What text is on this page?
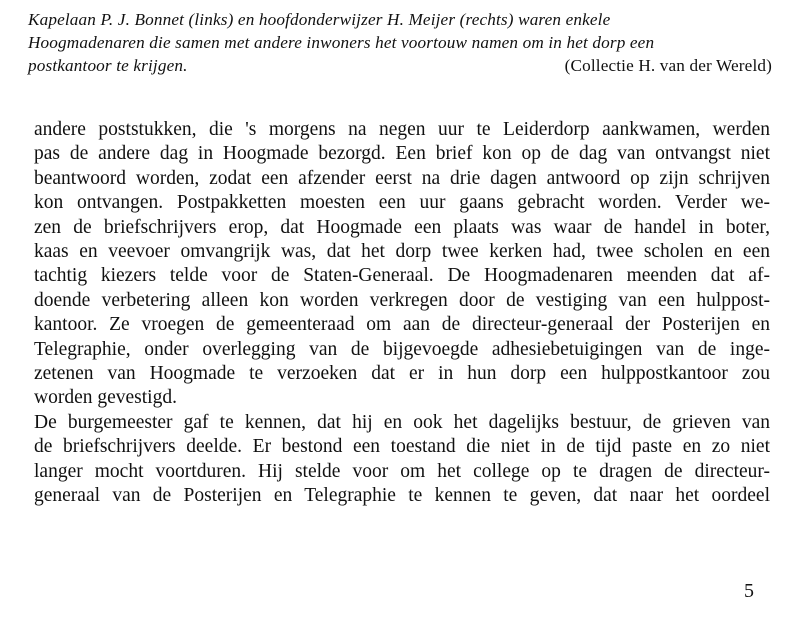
Kapelaan P. J. Bonnet (links) en hoofdonderwijzer H. Meijer (rechts) waren enkele
Hoogmadenaren die samen met andere inwoners het voortouw namen om in het dorp een
postkantoor te krijgen.	(Collectie H. van der Wereld)
andere poststukken, die 's morgens na negen uur te Leiderdorp aankwamen, werden
pas de andere dag in Hoogmade bezorgd. Een brief kon op de dag van ontvangst niet
beantwoord worden, zodat een afzender eerst na drie dagen antwoord op zijn schrijven
kon ontvangen. Postpakketten moesten een uur gaans gebracht worden. Verder we-
zen de briefschrijvers erop, dat Hoogmade een plaats was waar de handel in boter,
kaas en veevoer omvangrijk was, dat het dorp twee kerken had, twee scholen en een
tachtig kiezers telde voor de Staten-Generaal. De Hoogmadenaren meenden dat af-
doende verbetering alleen kon worden verkregen door de vestiging van een hulppost-
kantoor. Ze vroegen de gemeenteraad om aan de directeur-generaal der Posterijen en
Telegraphie, onder overlegging van de bijgevoegde adhesiebetuigingen van de inge-
zetenen van Hoogmade te verzoeken dat er in hun dorp een hulppostkantoor zou
worden gevestigd.
De burgemeester gaf te kennen, dat hij en ook het dagelijks bestuur, de grieven van
de briefschrijvers deelde. Er bestond een toestand die niet in de tijd paste en zo niet
langer mocht voortduren. Hij stelde voor om het college op te dragen de directeur-
generaal van de Posterijen en Telegraphie te kennen te geven, dat naar het oordeel
5
